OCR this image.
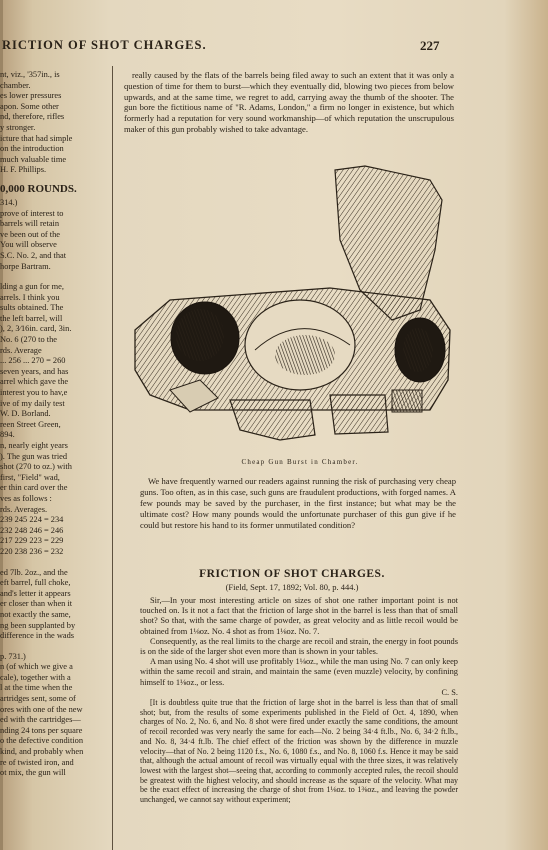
RICTION OF SHOT CHARGES.	227
nt, viz., '357in., is
chamber.
es lower pressures
apon. Some other
nd, therefore, rifles
y stronger.
icture that had simple
on the introduction
much valuable time
H. F. Phillips.
0,000 ROUNDS.
314.)
prove of interest to
barrels will retain
ve been out of the
You will observe
S.C. No. 2, and that
horpe Bartram.
lding a gun for me,
arrels. I think you
sults obtained. The
the left barrel, will
), 2, 3⁄16in. card, 3in.
No. 6 (270 to the
rds. Average
... 256 ... 270 = 260
seven years, and has
arrel which gave the
interest you to hav,e
ive of my daily test
W. D. Borland.
reen Street Green,
894.
n, nearly eight years
). The gun was tried
shot (270 to oz.) with
first, "Field" wad,
er thin card over the
ves as follows :
rds. Averages.
239 245 224 = 234
232 248 246 = 246
217 229 223 = 229
220 238 236 = 232
ed 7lb. 2oz., and the
eft barrel, full choke,
and's letter it appears
er closer than when it
not exactly the same,
ng been supplanted by
difference in the wads
p. 731.)
n (of which we give a
cale), together with a
l at the time when the
artridges sent, some of
ores with one of the new
ed with the cartridges—
nding 24 tons per square
o the defective condition
kind, and probably when
re of twisted iron, and
ot mix, the gun will

really caused by the flats of the barrels being filed away to such an extent that it was only a question of time for them to burst—which they eventually did, blowing two pieces from below upwards, and at the same time, we regret to add, carrying away the thumb of the shooter. The gun bore the fictitious name of "R. Adams, London," a firm no longer in existence, but which formerly had a reputation for very sound workmanship—of which reputation the unscrupulous maker of this gun probably wished to take advantage.

Cheap Gun Burst in Chamber.

We have frequently warned our readers against running the risk of purchasing very cheap guns. Too often, as in this case, such guns are fraudulent productions, with forged names. A few pounds may be saved by the purchaser, in the first instance; but what may be the ultimate cost? How many pounds would the unfortunate purchaser of this gun give if he could but restore his hand to its former unmutilated condition?

FRICTION OF SHOT CHARGES.
(Field, Sept. 17, 1892; Vol. 80, p. 444.)

Sir,—In your most interesting article on sizes of shot one rather important point is not touched on. Is it not a fact that the friction of large shot in the barrel is less than that of small shot? So that, with the same charge of powder, as great velocity and as little recoil would be obtained from 1⅛oz. No. 4 shot as from 1⅛oz. No. 7.

Consequently, as the real limits to the charge are recoil and strain, the energy in foot pounds is on the side of the larger shot even more than is shown in your tables.

A man using No. 4 shot will use profitably 1⅛oz., while the man using No. 7 can only keep within the same recoil and strain, and maintain the same (even muzzle) velocity, by confining himself to 1⅛oz., or less.

C. S.

[It is doubtless quite true that the friction of large shot in the barrel is less than that of small shot; but, from the results of some experiments published in the Field of Oct. 4, 1890, when charges of No. 2, No. 6, and No. 8 shot were fired under exactly the same conditions, the amount of recoil recorded was very nearly the same for each—No. 2 being 34·4 ft.lb., No. 6, 34·2 ft.lb., and No. 8, 34·4 ft.lb. The chief effect of the friction was shown by the difference in muzzle velocity—that of No. 2 being 1120 f.s., No. 6, 1080 f.s., and No. 8, 1060 f.s. Hence it may be said that, although the actual amount of recoil was virtually equal with the three sizes, it was relatively lowest with the largest shot—seeing that, according to commonly accepted rules, the recoil should be greatest with the highest velocity, and should increase as the square of the velocity. What may be the exact effect of increasing the charge of shot from 1⅛oz. to 1⅜oz., and leaving the powder unchanged, we cannot say without experiment;
